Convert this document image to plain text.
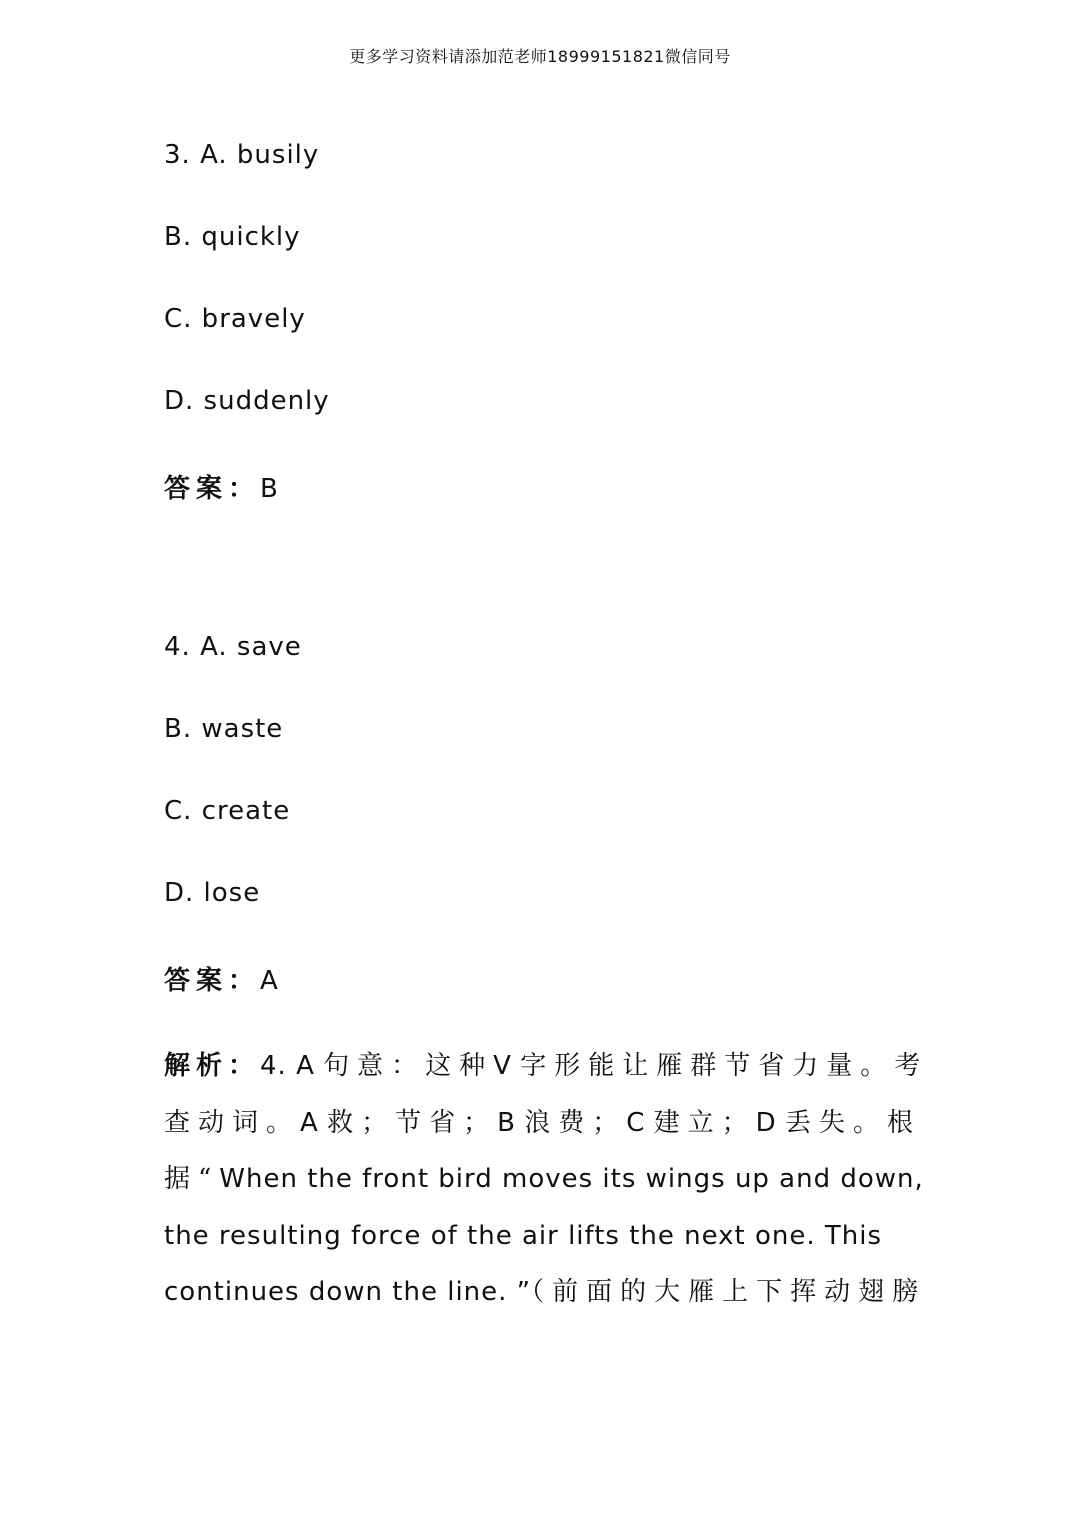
更多学习资料请添加范老师18999151821微信同号
3. A. busily
B. quickly
C. bravely
D. suddenly
答案：B
4. A. save
B. waste
C. create
D. lose
答案：A
解析：4. A 句意：这种V 字形能让雁群节省力量。考
查动词。A 救；节省；B 浪费；C 建立；D 丢失。根
据“When the front bird moves its wings up and down,
the resulting force of the air lifts the next one. This
continues down the line. ”（前面的大雁上下挥动翅膀
